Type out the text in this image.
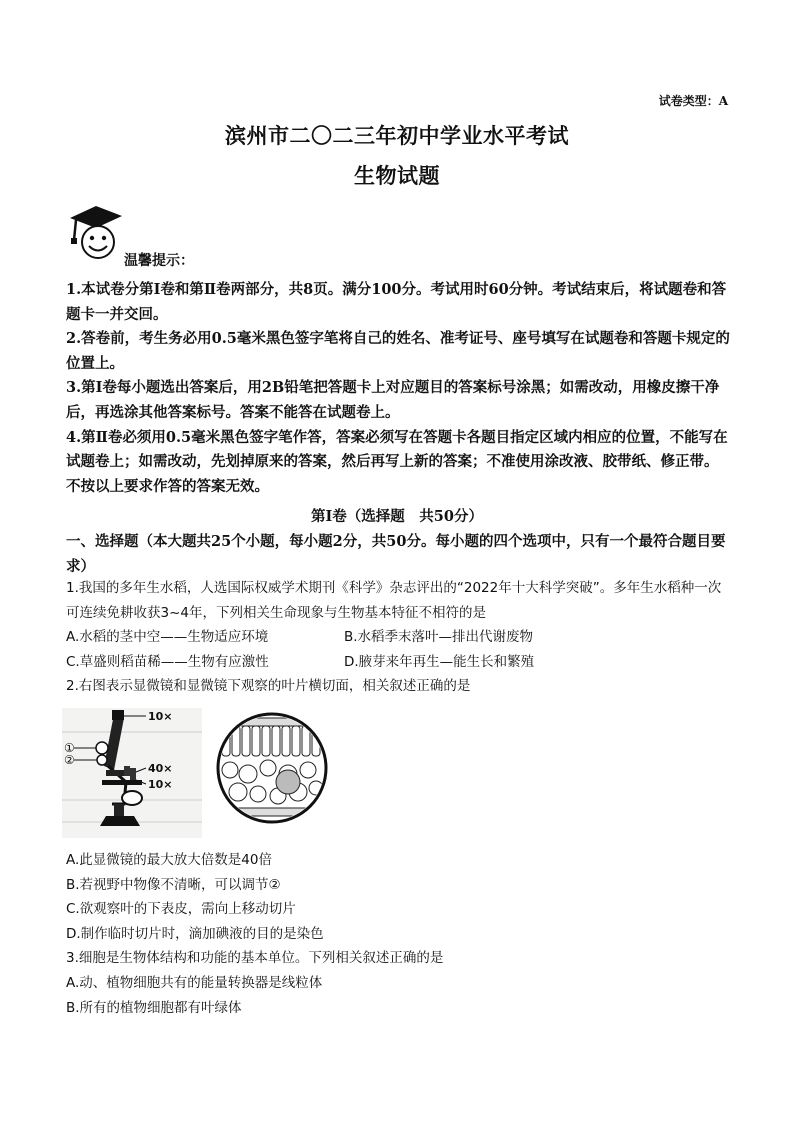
试卷类型：A
滨州市二〇二三年初中学业水平考试
生物试题
温馨提示：

1.本试卷分第Ⅰ卷和第Ⅱ卷两部分，共8页。满分100分。考试用时60分钟。考试结束后，将试题卷和答题卡一并交回。

2.答卷前，考生务必用0.5毫米黑色签字笔将自己的姓名、准考证号、座号填写在试题卷和答题卡规定的位置上。

3.第Ⅰ卷每小题选出答案后，用2B铅笔把答题卡上对应题目的答案标号涂黑；如需改动，用橡皮擦干净后，再选涂其他答案标号。答案不能答在试题卷上。

4.第Ⅱ卷必须用0.5毫米黑色签字笔作答，答案必须写在答题卡各题目指定区域内相应的位置，不能写在试题卷上；如需改动，先划掉原来的答案，然后再写上新的答案；不准使用涂改液、胶带纸、修正带。不按以上要求作答的答案无效。

第Ⅰ卷（选择题　共50分）
一、选择题（本大题共25个小题，每小题2分，共50分。每小题的四个选项中，只有一个最符合题目要求）

1.我国的多年生水稻，人选国际权威学术期刊《科学》杂志评出的“2022年十大科学突破”。多年生水稻种一次可连续免耕收获3~4年，下列相关生命现象与生物基本特征不相符的是

A.水稻的茎中空——生物适应环境	B.水稻季末落叶—排出代谢废物
C.草盛则稻苗稀——生物有应激性	D.腋芽来年再生—能生长和繁殖

2.右图表示显微镜和显微镜下观察的叶片横切面，相关叙述正确的是

10×
①
②
40×
10×

A.此显微镜的最大放大倍数是40倍

B.若视野中物像不清晰，可以调节②

C.欲观察叶的下表皮，需向上移动切片

D.制作临时切片时，滴加碘液的目的是染色

3.细胞是生物体结构和功能的基本单位。下列相关叙述正确的是

A.动、植物细胞共有的能量转换器是线粒体

B.所有的植物细胞都有叶绿体
